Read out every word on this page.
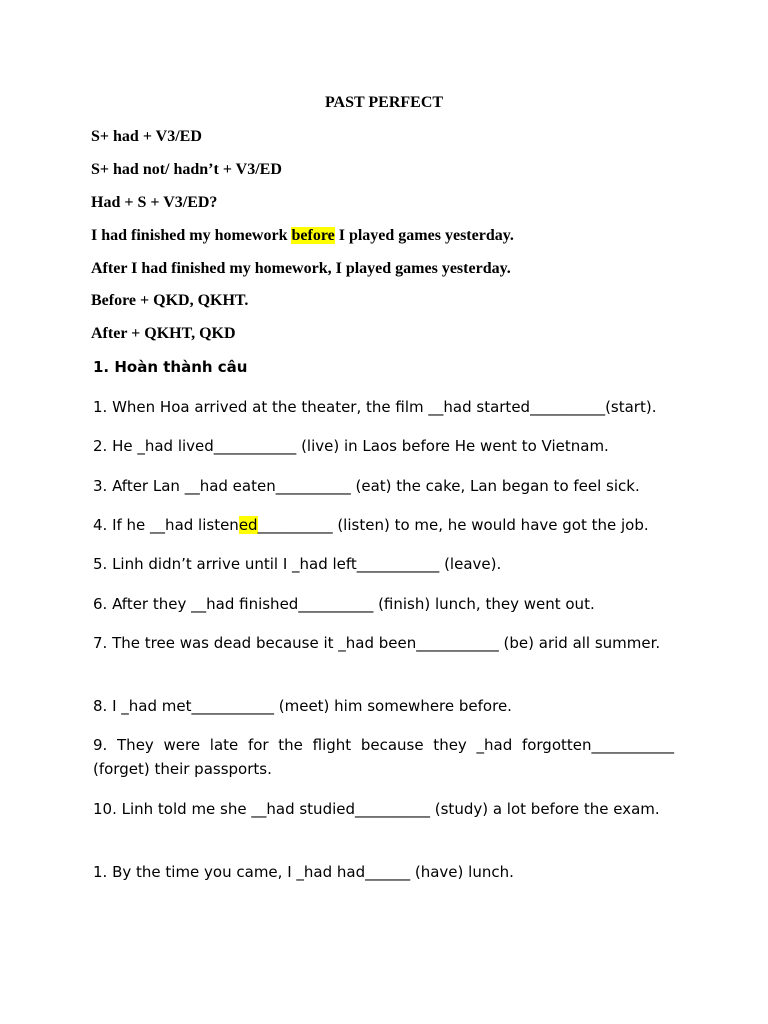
PAST PERFECT
S+ had + V3/ED
S+ had not/ hadn’t + V3/ED
Had + S + V3/ED?
I had finished my homework before I played games yesterday.
After I had finished my homework, I played games yesterday.
Before + QKD, QKHT.
After + QKHT, QKD
1. Hoàn thành câu
1. When Hoa arrived at the theater, the film __had started__________(start).
2. He _had lived___________ (live) in Laos before He went to Vietnam.
3. After Lan __had eaten__________ (eat) the cake, Lan began to feel sick.
4. If he __had listened__________ (listen) to me, he would have got the job.
5. Linh didn’t arrive until I _had left___________ (leave).
6. After they __had finished__________ (finish) lunch, they went out.
7. The tree was dead because it _had been___________ (be) arid all summer.
8. I _had met___________ (meet) him somewhere before.
9. They were late for the flight because they _had forgotten___________ (forget) their passports.
10. Linh told me she __had studied__________ (study) a lot before the exam.
1. By the time you came, I _had had______ (have) lunch.
